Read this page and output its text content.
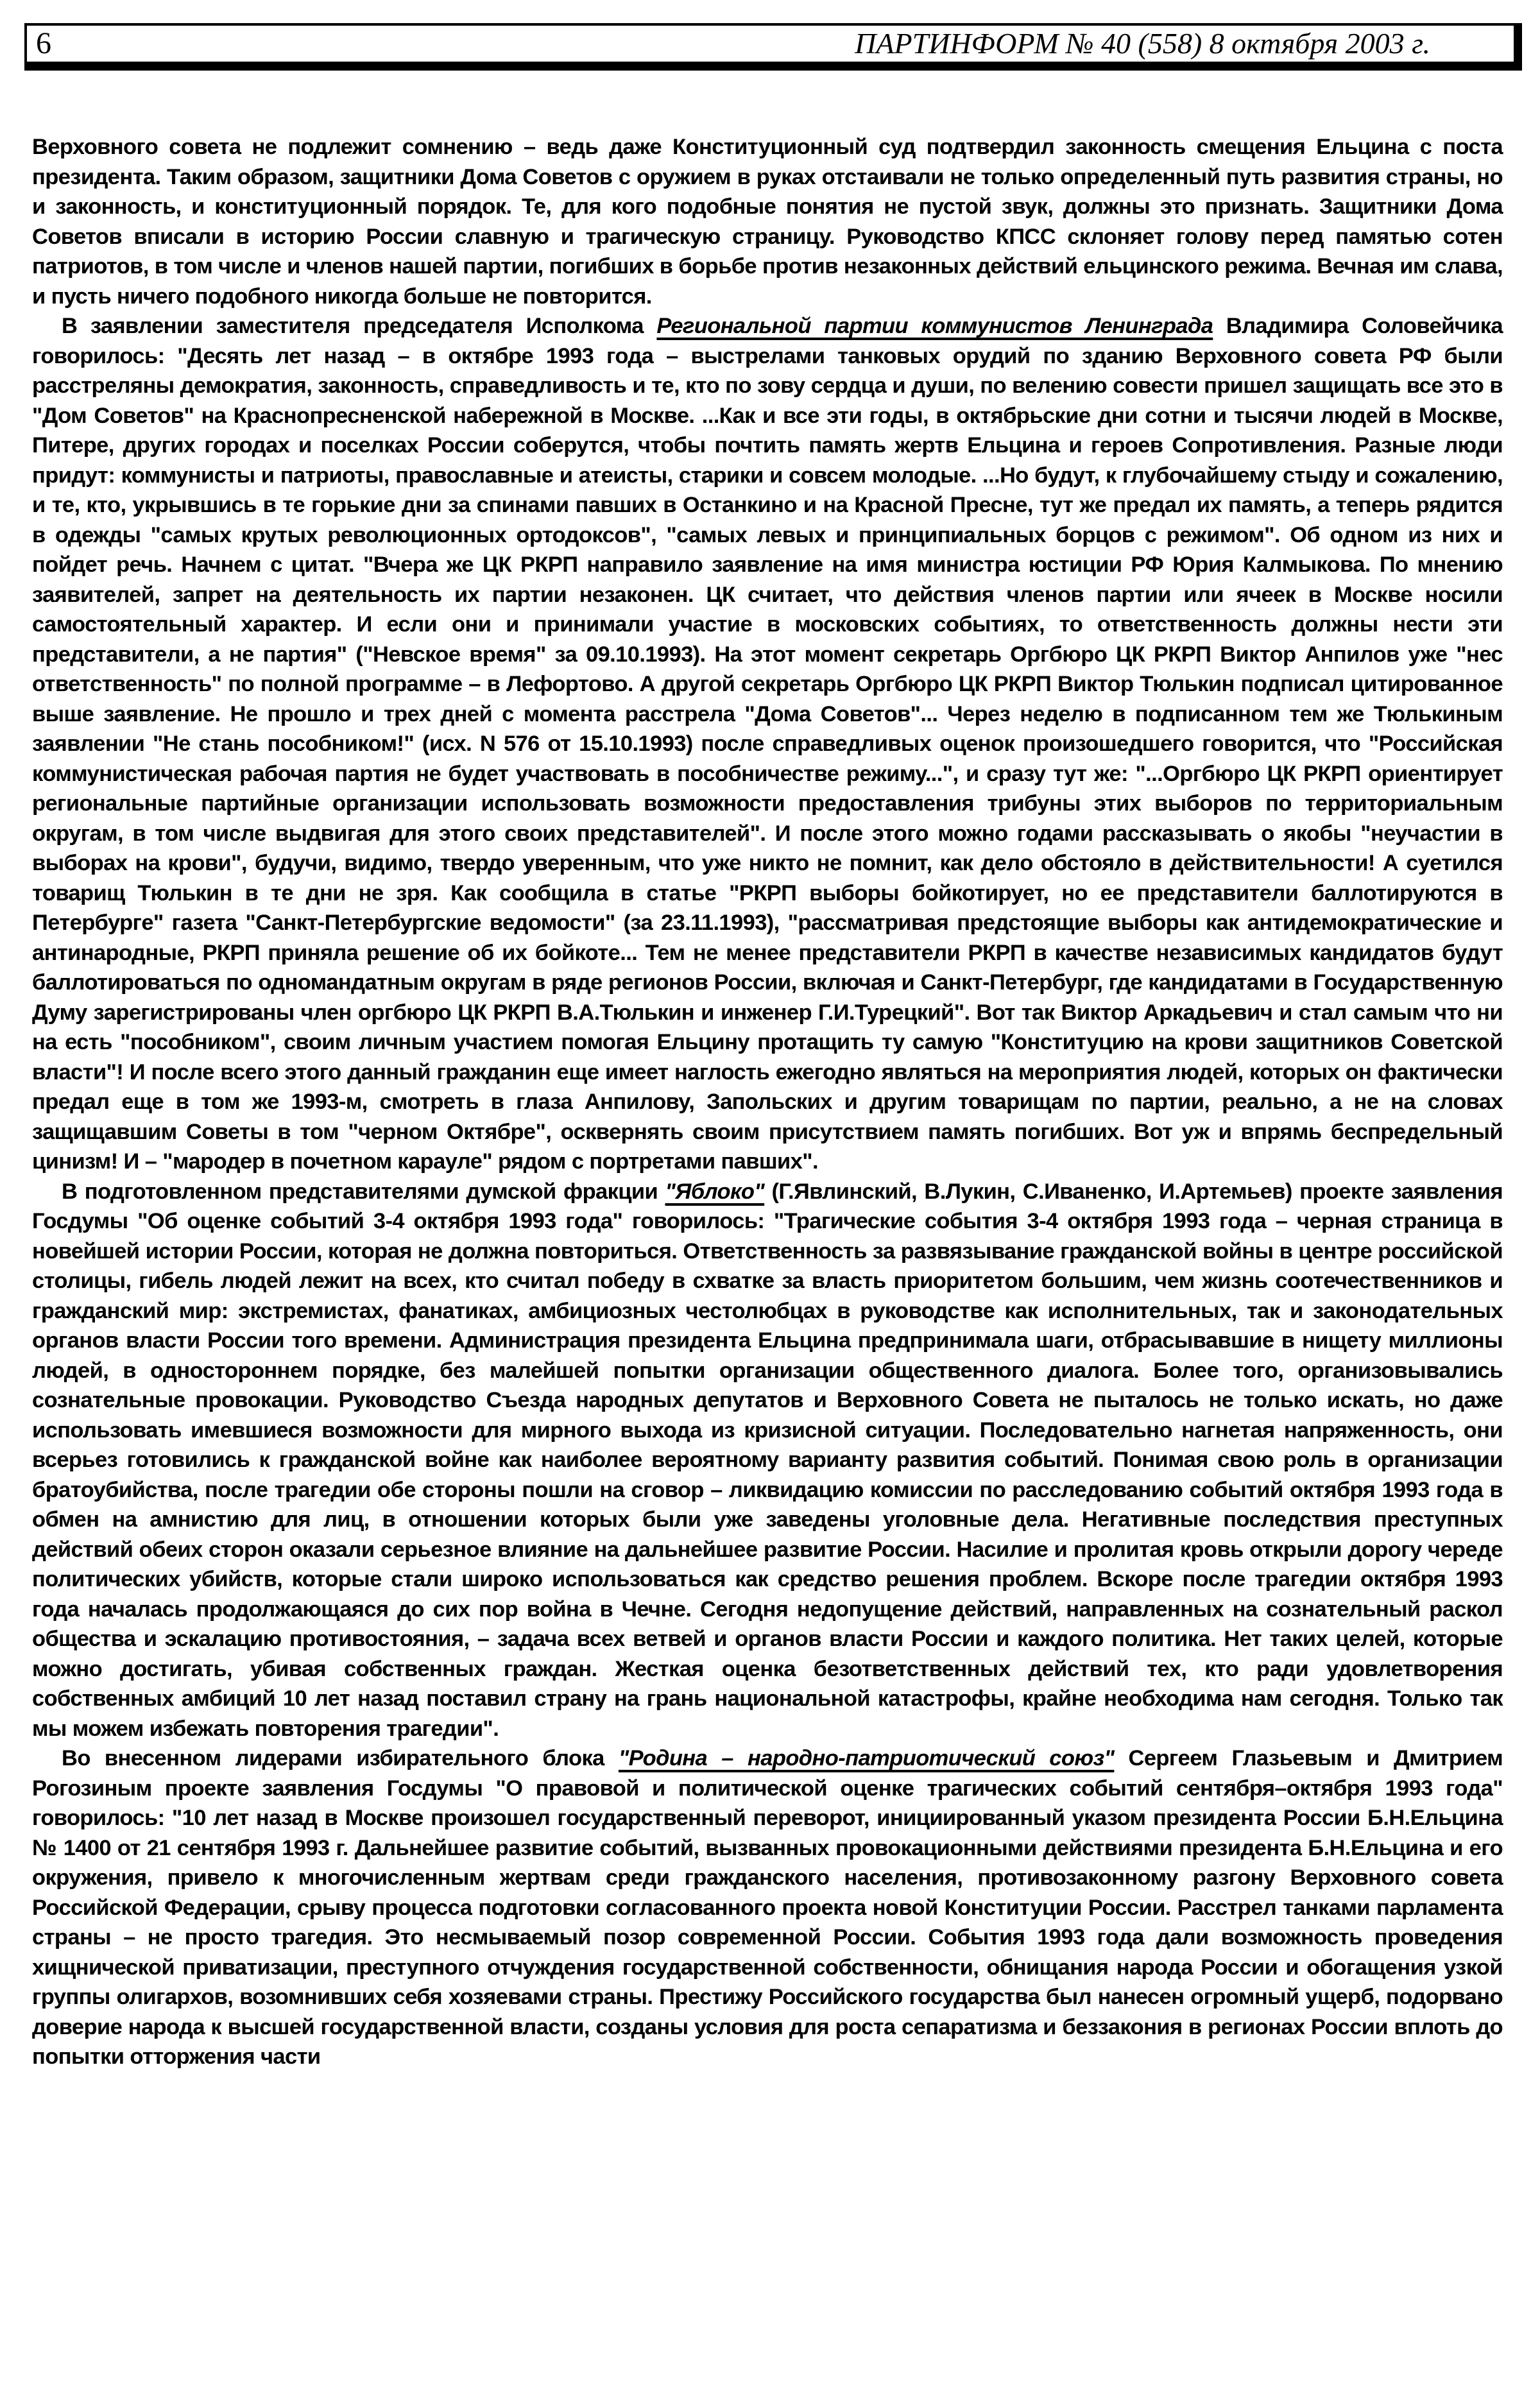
6	ПАРТИНФОРМ № 40 (558) 8 октября 2003 г.

Верховного совета не подлежит сомнению – ведь даже Конституционный суд подтвердил законность смещения Ельцина с поста президента. Таким образом, защитники Дома Советов с оружием в руках отстаивали не только определенный путь развития страны, но и законность, и конституционный порядок. Те, для кого подобные понятия не пустой звук, должны это признать. Защитники Дома Советов вписали в историю России славную и трагическую страницу. Руководство КПСС склоняет голову перед памятью сотен патриотов, в том числе и членов нашей партии, погибших в борьбе против незаконных действий ельцинского режима. Вечная им слава, и пусть ничего подобного никогда больше не повторится.

В заявлении заместителя председателя Исполкома Региональной партии коммунистов Ленинграда Владимира Соловейчика говорилось: "Десять лет назад – в октябре 1993 года – выстрелами танковых орудий по зданию Верховного совета РФ были расстреляны демократия, законность, справедливость и те, кто по зову сердца и души, по велению совести пришел защищать все это в "Дом Советов" на Краснопресненской набережной в Москве. ...Как и все эти годы, в октябрьские дни сотни и тысячи людей в Москве, Питере, других городах и поселках России соберутся, чтобы почтить память жертв Ельцина и героев Сопротивления. Разные люди придут: коммунисты и патриоты, православные и атеисты, старики и совсем молодые. ...Но будут, к глубочайшему стыду и сожалению, и те, кто, укрывшись в те горькие дни за спинами павших в Останкино и на Красной Пресне, тут же предал их память, а теперь рядится в одежды "самых крутых революционных ортодоксов", "самых левых и принципиальных борцов с режимом". Об одном из них и пойдет речь. Начнем с цитат. "Вчера же ЦК РКРП направило заявление на имя министра юстиции РФ Юрия Калмыкова. По мнению заявителей, запрет на деятельность их партии незаконен. ЦК считает, что действия членов партии или ячеек в Москве носили самостоятельный характер. И если они и принимали участие в московских событиях, то ответственность должны нести эти представители, а не партия" ("Невское время" за 09.10.1993). На этот момент секретарь Оргбюро ЦК РКРП Виктор Анпилов уже "нес ответственность" по полной программе – в Лефортово. А другой секретарь Оргбюро ЦК РКРП Виктор Тюлькин подписал цитированное выше заявление. Не прошло и трех дней с момента расстрела "Дома Советов"... Через неделю в подписанном тем же Тюлькиным заявлении "Не стань пособником!" (исх. N 576 от 15.10.1993) после справедливых оценок произошедшего говорится, что "Российская коммунистическая рабочая партия не будет участвовать в пособничестве режиму...", и сразу тут же: "...Оргбюро ЦК РКРП ориентирует региональные партийные организации использовать возможности предоставления трибуны этих выборов по территориальным округам, в том числе выдвигая для этого своих представителей". И после этого можно годами рассказывать о якобы "неучастии в выборах на крови", будучи, видимо, твердо уверенным, что уже никто не помнит, как дело обстояло в действительности! А суетился товарищ Тюлькин в те дни не зря. Как сообщила в статье "РКРП выборы бойкотирует, но ее представители баллотируются в Петербурге" газета "Санкт-Петербургские ведомости" (за 23.11.1993), "рассматривая предстоящие выборы как антидемократические и антинародные, РКРП приняла решение об их бойкоте... Тем не менее представители РКРП в качестве независимых кандидатов будут баллотироваться по одномандатным округам в ряде регионов России, включая и Санкт-Петербург, где кандидатами в Государственную Думу зарегистрированы член оргбюро ЦК РКРП В.А.Тюлькин и инженер Г.И.Турецкий". Вот так Виктор Аркадьевич и стал самым что ни на есть "пособником", своим личным участием помогая Ельцину протащить ту самую "Конституцию на крови защитников Советской власти"! И после всего этого данный гражданин еще имеет наглость ежегодно являться на мероприятия людей, которых он фактически предал еще в том же 1993-м, смотреть в глаза Анпилову, Запольских и другим товарищам по партии, реально, а не на словах защищавшим Советы в том "черном Октябре", осквернять своим присутствием память погибших. Вот уж и впрямь беспредельный цинизм! И – "мародер в почетном карауле" рядом с портретами павших".

В подготовленном представителями думской фракции "Яблоко" (Г.Явлинский, В.Лукин, С.Иваненко, И.Артемьев) проекте заявления Госдумы "Об оценке событий 3-4 октября 1993 года" говорилось: "Трагические события 3-4 октября 1993 года – черная страница в новейшей истории России, которая не должна повториться. Ответственность за развязывание гражданской войны в центре российской столицы, гибель людей лежит на всех, кто считал победу в схватке за власть приоритетом большим, чем жизнь соотечественников и гражданский мир: экстремистах, фанатиках, амбициозных честолюбцах в руководстве как исполнительных, так и законодательных органов власти России того времени. Администрация президента Ельцина предпринимала шаги, отбрасывавшие в нищету миллионы людей, в одностороннем порядке, без малейшей попытки организации общественного диалога. Более того, организовывались сознательные провокации. Руководство Съезда народных депутатов и Верховного Совета не пыталось не только искать, но даже использовать имевшиеся возможности для мирного выхода из кризисной ситуации. Последовательно нагнетая напряженность, они всерьез готовились к гражданской войне как наиболее вероятному варианту развития событий. Понимая свою роль в организации братоубийства, после трагедии обе стороны пошли на сговор – ликвидацию комиссии по расследованию событий октября 1993 года в обмен на амнистию для лиц, в отношении которых были уже заведены уголовные дела. Негативные последствия преступных действий обеих сторон оказали серьезное влияние на дальнейшее развитие России. Насилие и пролитая кровь открыли дорогу череде политических убийств, которые стали широко использоваться как средство решения проблем. Вскоре после трагедии октября 1993 года началась продолжающаяся до сих пор война в Чечне. Сегодня недопущение действий, направленных на сознательный раскол общества и эскалацию противостояния, – задача всех ветвей и органов власти России и каждого политика. Нет таких целей, которые можно достигать, убивая собственных граждан. Жесткая оценка безответственных действий тех, кто ради удовлетворения собственных амбиций 10 лет назад поставил страну на грань национальной катастрофы, крайне необходима нам сегодня. Только так мы можем избежать повторения трагедии".

Во внесенном лидерами избирательного блока "Родина – народно-патриотический союз" Сергеем Глазьевым и Дмитрием Рогозиным проекте заявления Госдумы "О правовой и политической оценке трагических событий сентября–октября 1993 года" говорилось: "10 лет назад в Москве произошел государственный переворот, инициированный указом президента России Б.Н.Ельцина № 1400 от 21 сентября 1993 г. Дальнейшее развитие событий, вызванных провокационными действиями президента Б.Н.Ельцина и его окружения, привело к многочисленным жертвам среди гражданского населения, противозаконному разгону Верховного совета Российской Федерации, срыву процесса подготовки согласованного проекта новой Конституции России. Расстрел танками парламента страны – не просто трагедия. Это несмываемый позор современной России. События 1993 года дали возможность проведения хищнической приватизации, преступного отчуждения государственной собственности, обнищания народа России и обогащения узкой группы олигархов, возомнивших себя хозяевами страны. Престижу Российского государства был нанесен огромный ущерб, подорвано доверие народа к высшей государственной власти, созданы условия для роста сепаратизма и беззакония в регионах России вплоть до попытки отторжения части
